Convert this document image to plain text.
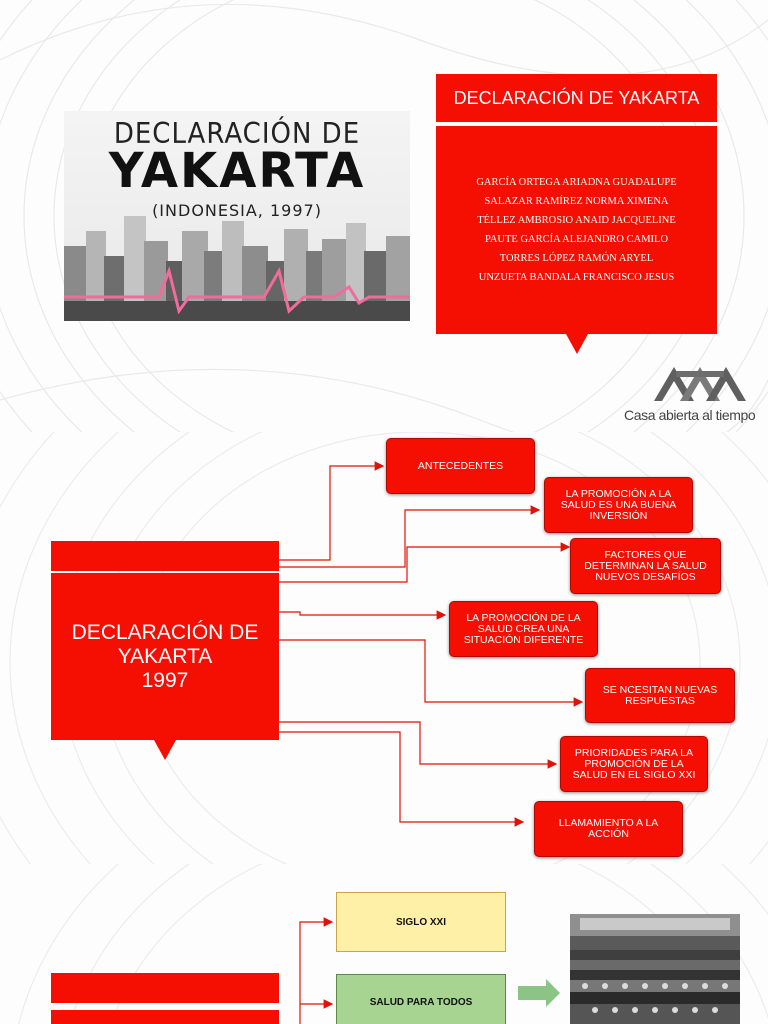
DECLARACIÓN DE
YAKARTA
(INDONESIA, 1997)
DECLARACIÓN DE YAKARTA
GARCÍA ORTEGA ARIADNA GUADALUPE
SALAZAR RAMÍREZ NORMA XIMENA
TÉLLEZ AMBROSIO ANAID JACQUELINE
PAUTE GARCÍA ALEJANDRO CAMILO
TORRES LÓPEZ RAMÓN ARYEL
UNZUETA BANDALA FRANCISCO JESUS
Casa abierta al tiempo
DECLARACIÓN DE
YAKARTA
1997
ANTECEDENTES
LA PROMOCIÓN A LA
SALUD ES UNA BUENA
INVERSIÓN
FACTORES QUE
DETERMINAN LA SALUD
NUEVOS DESAFÍOS
LA PROMOCIÓN DE LA
SALUD CREA UNA
SITUACIÓN DIFERENTE
SE NCESITAN NUEVAS
RESPUESTAS
PRIORIDADES PARA LA
PROMOCIÓN DE LA
SALUD EN EL SIGLO XXI
LLAMAMIENTO A LA
ACCIÓN
SIGLO XXI
SALUD PARA TODOS
